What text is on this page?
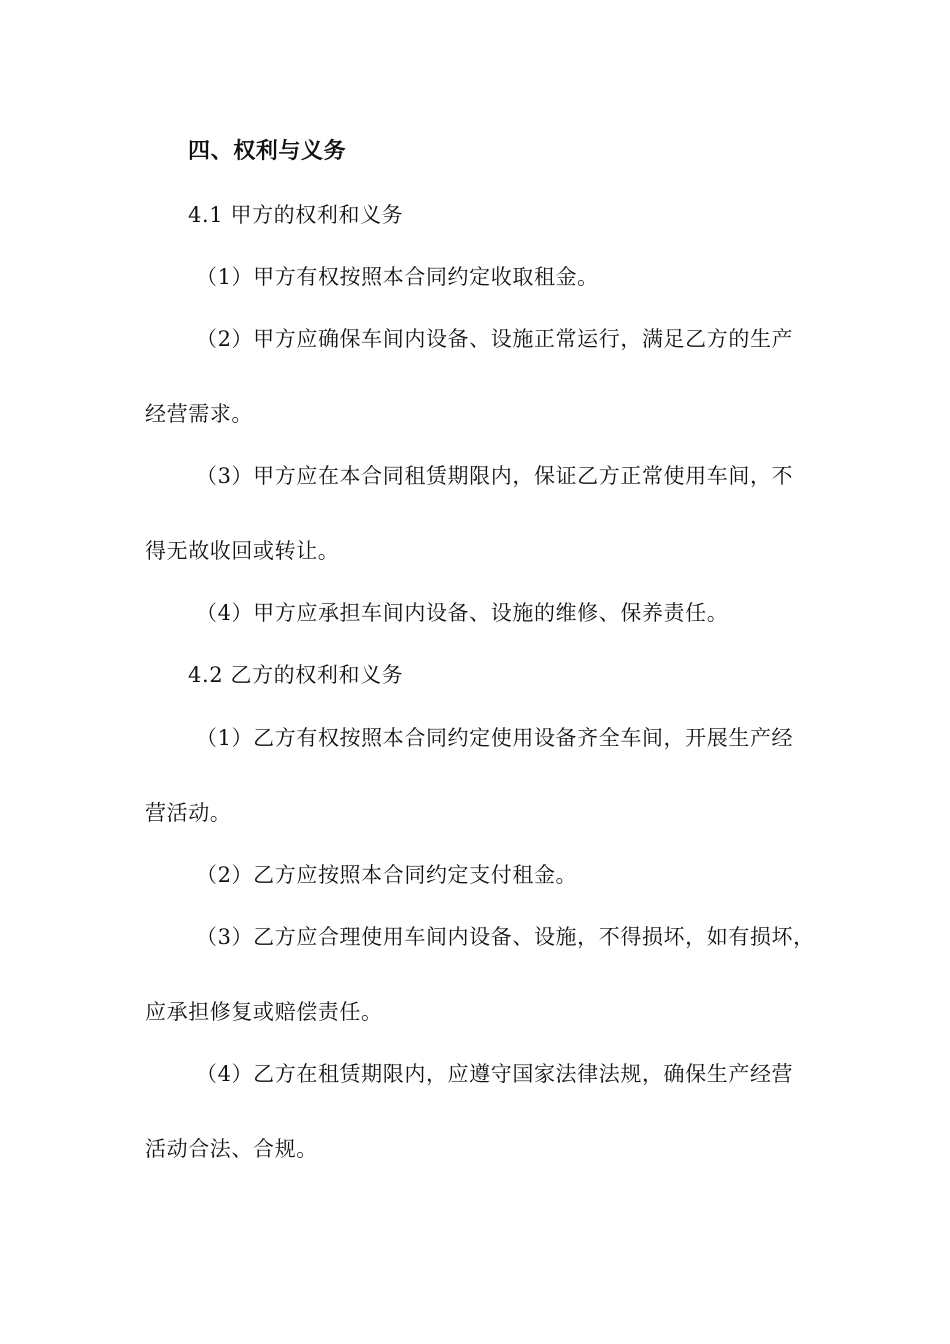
四、权利与义务
4.1 甲方的权利和义务
（1）甲方有权按照本合同约定收取租金。
（2）甲方应确保车间内设备、设施正常运行，满足乙方的生产
经营需求。
（3）甲方应在本合同租赁期限内，保证乙方正常使用车间，不
得无故收回或转让。
（4）甲方应承担车间内设备、设施的维修、保养责任。
4.2 乙方的权利和义务
（1）乙方有权按照本合同约定使用设备齐全车间，开展生产经
营活动。
（2）乙方应按照本合同约定支付租金。
（3）乙方应合理使用车间内设备、设施，不得损坏，如有损坏，
应承担修复或赔偿责任。
（4）乙方在租赁期限内，应遵守国家法律法规，确保生产经营
活动合法、合规。
